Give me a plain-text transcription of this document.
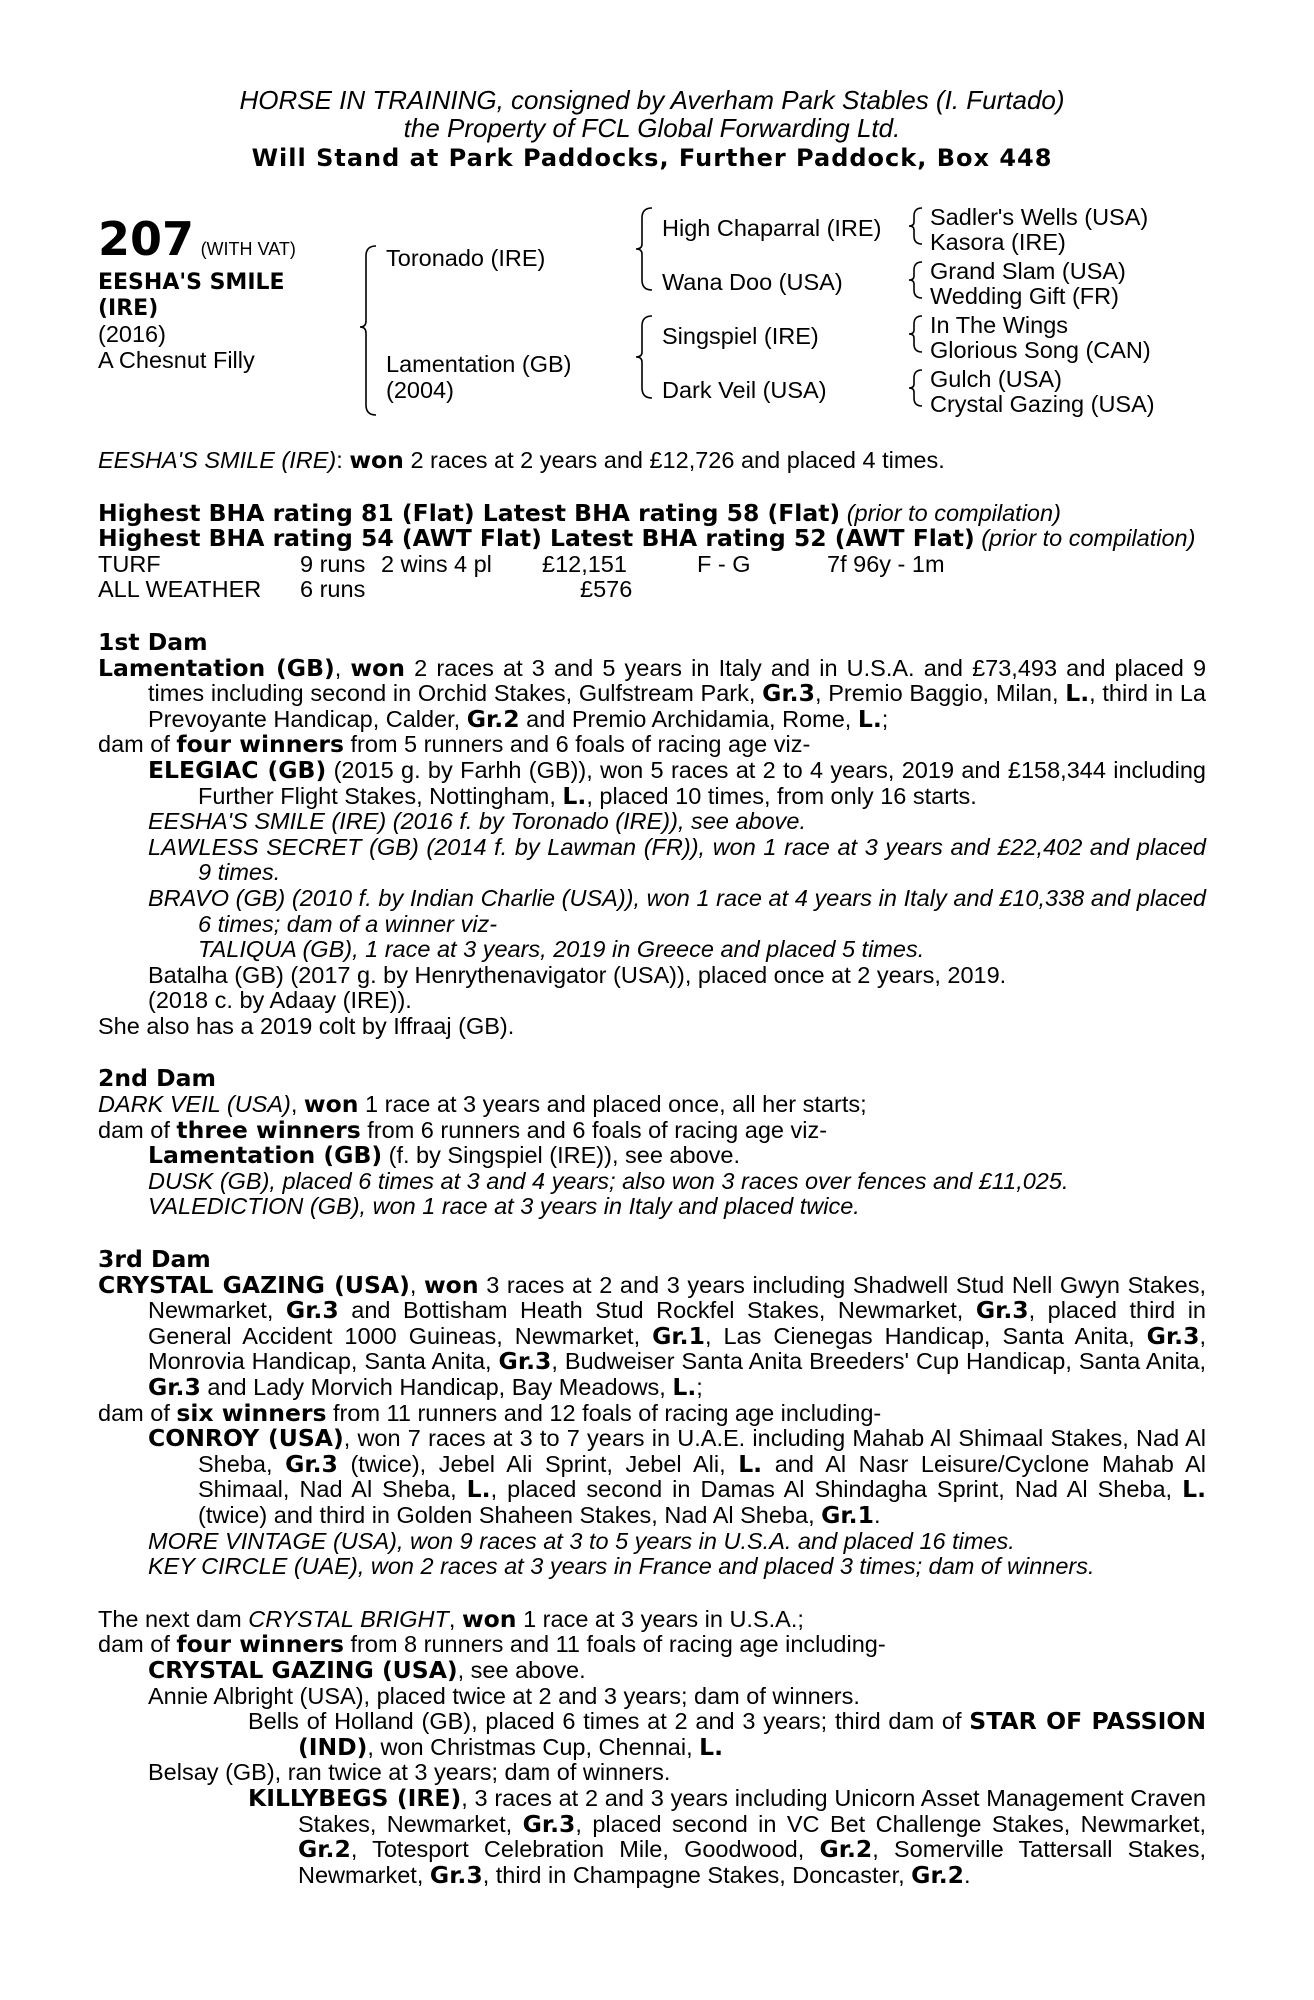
HORSE IN TRAINING, consigned by Averham Park Stables (I. Furtado)
the Property of FCL Global Forwarding Ltd.
Will Stand at Park Paddocks, Further Paddock, Box 448
207 (WITH VAT)
EESHA'S SMILE
(IRE)
(2016)
A Chesnut Filly
Toronado (IRE)
Lamentation (GB)
(2004)
High Chaparral (IRE)
Wana Doo (USA)
Singspiel (IRE)
Dark Veil (USA)
Sadler's Wells (USA)
Kasora (IRE)
Grand Slam (USA)
Wedding Gift (FR)
In The Wings
Glorious Song (CAN)
Gulch (USA)
Crystal Gazing (USA)

EESHA'S SMILE (IRE): won 2 races at 2 years and £12,726 and placed 4 times.

Highest BHA rating 81 (Flat) Latest BHA rating 58 (Flat) (prior to compilation)

Highest BHA rating 54 (AWT Flat) Latest BHA rating 52 (AWT Flat) (prior to compilation)

TURF	9 runs	2 wins	4 pl	£12,151	F - G	7f 96y - 1m
ALL WEATHER	6 runs			£576		
1st Dam

Lamentation (GB), won 2 races at 3 and 5 years in Italy and in U.S.A. and £73,493 and placed 9 times including second in Orchid Stakes, Gulfstream Park, Gr.3, Premio Baggio, Milan, L., third in La Prevoyante Handicap, Calder, Gr.2 and Premio Archidamia, Rome, L.;

dam of four winners from 5 runners and 6 foals of racing age viz-

ELEGIAC (GB) (2015 g. by Farhh (GB)), won 5 races at 2 to 4 years, 2019 and £158,344 including Further Flight Stakes, Nottingham, L., placed 10 times, from only 16 starts.

EESHA'S SMILE (IRE) (2016 f. by Toronado (IRE)), see above.

LAWLESS SECRET (GB) (2014 f. by Lawman (FR)), won 1 race at 3 years and £22,402 and placed 9 times.

BRAVO (GB) (2010 f. by Indian Charlie (USA)), won 1 race at 4 years in Italy and £10,338 and placed 6 times; dam of a winner viz-

TALIQUA (GB), 1 race at 3 years, 2019 in Greece and placed 5 times.

Batalha (GB) (2017 g. by Henrythenavigator (USA)), placed once at 2 years, 2019.

(2018 c. by Adaay (IRE)).

She also has a 2019 colt by Iffraaj (GB).

2nd Dam

DARK VEIL (USA), won 1 race at 3 years and placed once, all her starts;

dam of three winners from 6 runners and 6 foals of racing age viz-

Lamentation (GB) (f. by Singspiel (IRE)), see above.

DUSK (GB), placed 6 times at 3 and 4 years; also won 3 races over fences and £11,025.

VALEDICTION (GB), won 1 race at 3 years in Italy and placed twice.

3rd Dam

CRYSTAL GAZING (USA), won 3 races at 2 and 3 years including Shadwell Stud Nell Gwyn Stakes, Newmarket, Gr.3 and Bottisham Heath Stud Rockfel Stakes, Newmarket, Gr.3, placed third in General Accident 1000 Guineas, Newmarket, Gr.1, Las Cienegas Handicap, Santa Anita, Gr.3, Monrovia Handicap, Santa Anita, Gr.3, Budweiser Santa Anita Breeders' Cup Handicap, Santa Anita, Gr.3 and Lady Morvich Handicap, Bay Meadows, L.;

dam of six winners from 11 runners and 12 foals of racing age including-

CONROY (USA), won 7 races at 3 to 7 years in U.A.E. including Mahab Al Shimaal Stakes, Nad Al Sheba, Gr.3 (twice), Jebel Ali Sprint, Jebel Ali, L. and Al Nasr Leisure/Cyclone Mahab Al Shimaal, Nad Al Sheba, L., placed second in Damas Al Shindagha Sprint, Nad Al Sheba, L. (twice) and third in Golden Shaheen Stakes, Nad Al Sheba, Gr.1.

MORE VINTAGE (USA), won 9 races at 3 to 5 years in U.S.A. and placed 16 times.

KEY CIRCLE (UAE), won 2 races at 3 years in France and placed 3 times; dam of winners.

The next dam CRYSTAL BRIGHT, won 1 race at 3 years in U.S.A.;

dam of four winners from 8 runners and 11 foals of racing age including-

CRYSTAL GAZING (USA), see above.

Annie Albright (USA), placed twice at 2 and 3 years; dam of winners.

Bells of Holland (GB), placed 6 times at 2 and 3 years; third dam of STAR OF PASSION (IND), won Christmas Cup, Chennai, L.

Belsay (GB), ran twice at 3 years; dam of winners.

KILLYBEGS (IRE), 3 races at 2 and 3 years including Unicorn Asset Management Craven Stakes, Newmarket, Gr.3, placed second in VC Bet Challenge Stakes, Newmarket, Gr.2, Totesport Celebration Mile, Goodwood, Gr.2, Somerville Tattersall Stakes, Newmarket, Gr.3, third in Champagne Stakes, Doncaster, Gr.2.
